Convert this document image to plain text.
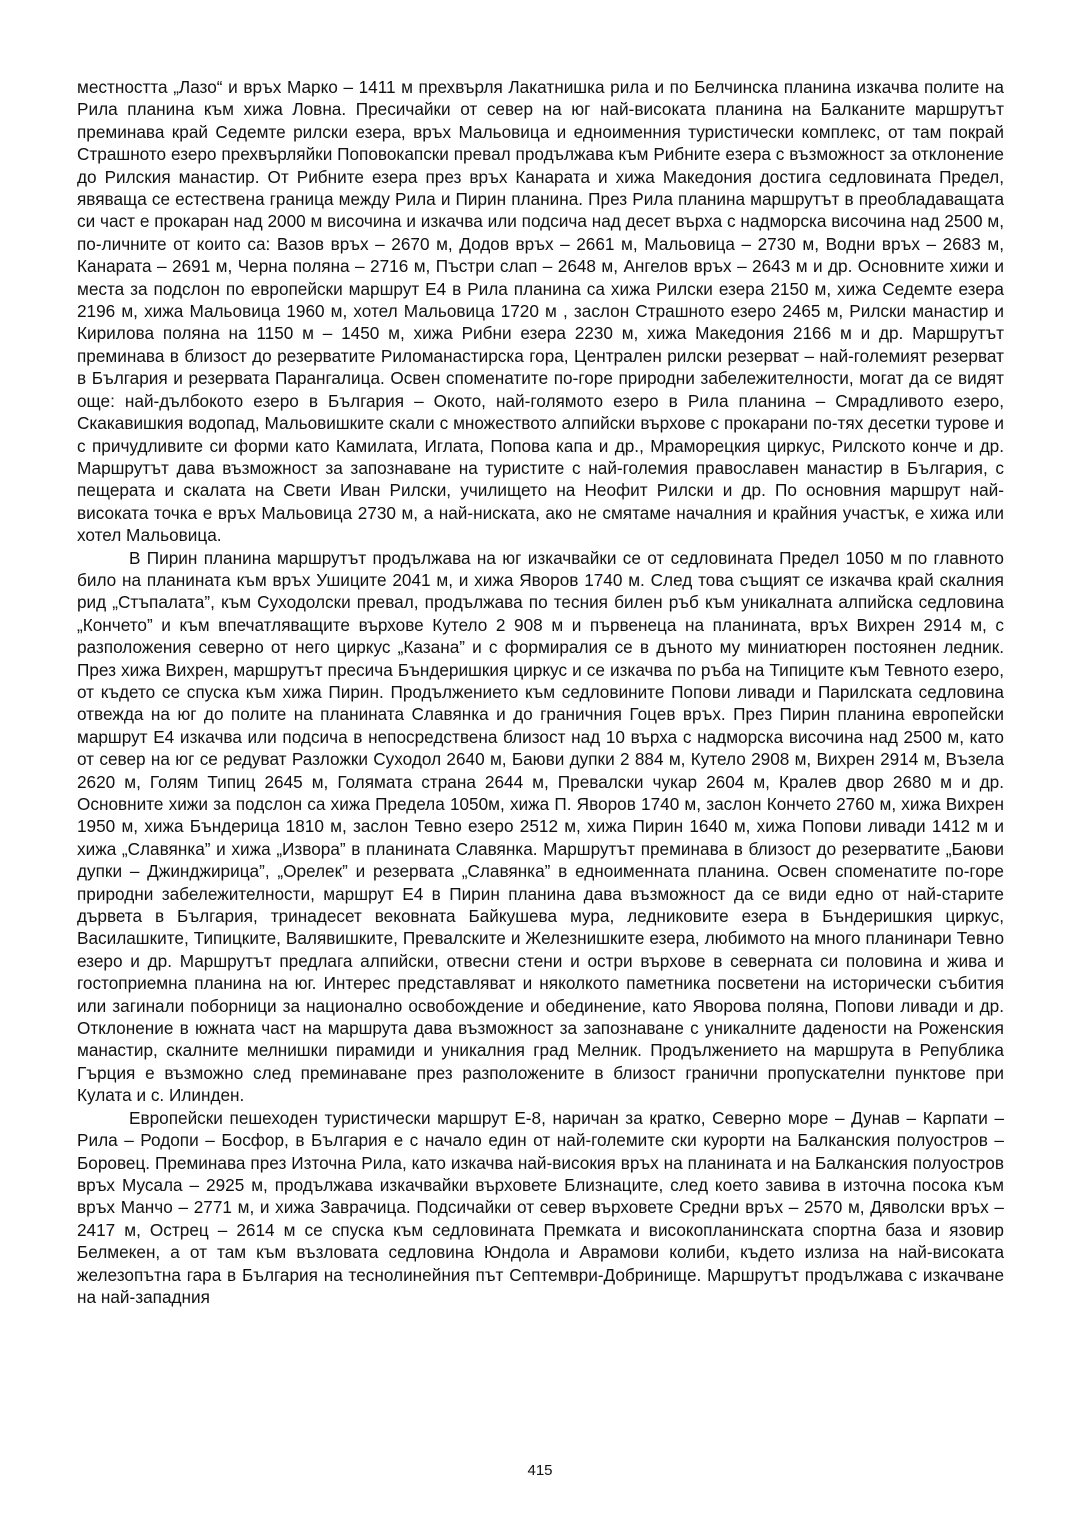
местността „Лазо“ и връх Марко – 1411 м прехвърля Лакатнишка рила и по Белчинска планина изкачва полите на Рила планина към хижа Ловна. Пресичайки от север на юг най-високата планина на Балканите маршрутът преминава край Седемте рилски езера, връх Мальовица и едноименния туристически комплекс, от там покрай Страшното езеро прехвърляйки Поповокапски превал продължава към Рибните езера с възможност за отклонение до Рилския манастир. От Рибните езера през връх Канарата и хижа Македония достига седловината Предел, явяваща се естествена граница между Рила и Пирин планина. През Рила планина маршрутът в преобладаващата си част е прокаран над 2000 м височина и изкачва или подсича над десет върха с надморска височина над 2500 м, по-личните от които са: Вазов връх – 2670 м, Додов връх – 2661 м, Мальовица – 2730 м, Водни връх – 2683 м, Канарата – 2691 м, Черна поляна – 2716 м, Пъстри слап – 2648 м, Ангелов връх – 2643 м и др. Основните хижи и места за подслон по европейски маршрут Е4 в Рила планина са хижа Рилски езера 2150 м, хижа Седемте езера 2196 м, хижа Мальовица 1960 м, хотел Мальовица 1720 м , заслон Страшното езеро 2465 м, Рилски манастир и Кирилова поляна на 1150 м – 1450 м, хижа Рибни езера 2230 м, хижа Македония 2166 м и др. Маршрутът преминава в близост до резерватите Риломанастирска гора, Централен рилски резерват – най-големият резерват в България и резервата Парангалица. Освен споменатите по-горе природни забележителности, могат да се видят още: най-дълбокото езеро в България – Окото, най-голямото езеро в Рила планина – Смрадливото езеро, Скакавишкия водопад, Мальовишките скали с множеството алпийски върхове с прокарани по-тях десетки турове и с причудливите си форми като Камилата, Иглата, Попова капа и др., Мраморецкия циркус, Рилското конче и др. Маршрутът дава възможност за запознаване на туристите с най-големия православен манастир в България, с пещерата и скалата на Свети Иван Рилски, училището на Неофит Рилски и др. По основния маршрут най-високата точка е връх Мальовица 2730 м, а най-ниската, ако не смятаме началния и крайния участък, е хижа или хотел Мальовица.

В Пирин планина маршрутът продължава на юг изкачвайки се от седловината Предел 1050 м по главното било на планината към връх Ушиците 2041 м, и хижа Яворов 1740 м. След това същият се изкачва край скалния рид „Стъпалата”, към Суходолски превал, продължава по тесния билен ръб към уникалната алпийска седловина „Кончето” и към впечатляващите върхове Кутело 2 908 м и първенеца на планината, връх Вихрен 2914 м, с разположения северно от него циркус „Казана” и с формиралия се в дъното му миниатюрен постоянен ледник. През хижа Вихрен, маршрутът пресича Бъндеришкия циркус и се изкачва по ръба на Типиците към Тевното езеро, от където се спуска към хижа Пирин. Продължението към седловините Попови ливади и Парилската седловина отвежда на юг до полите на планината Славянка и до граничния Гоцев връх. През Пирин планина европейски маршрут Е4 изкачва или подсича в непосредствена близост над 10 върха с надморска височина над 2500 м, като от север на юг се редуват Разложки Суходол 2640 м, Баюви дупки 2 884 м, Кутело 2908 м, Вихрен 2914 м, Възела 2620 м, Голям Типиц 2645 м, Голямата страна 2644 м, Превалски чукар 2604 м, Кралев двор 2680 м и др. Основните хижи за подслон са хижа Предела 1050м, хижа П. Яворов 1740 м, заслон Кончето 2760 м, хижа Вихрен 1950 м, хижа Бъндерица 1810 м, заслон Тевно езеро 2512 м, хижа Пирин 1640 м, хижа Попови ливади 1412 м и хижа „Славянка” и хижа „Извора” в планината Славянка. Маршрутът преминава в близост до резерватите „Баюви дупки – Джинджирица”, „Орелек” и резервата „Славянка” в едноименната планина. Освен споменатите по-горе природни забележителности, маршрут Е4 в Пирин планина дава възможност да се види едно от най-старите дървета в България, тринадесет вековната Байкушева мура, ледниковите езера в Бъндеришкия циркус, Василашките, Типицките, Валявишките, Превалските и Железнишките езера, любимото на много планинари Тевно езеро и др. Маршрутът предлага алпийски, отвесни стени и остри върхове в северната си половина и жива и гостоприемна планина на юг. Интерес представляват и няколкото паметника посветени на исторически събития или загинали поборници за национално освобождение и обединение, като Яворова поляна, Попови ливади и др. Отклонение в южната част на маршрута дава възможност за запознаване с уникалните дадености на Роженския манастир, скалните мелнишки пирамиди и уникалния град Мелник. Продължението на маршрута в Република Гърция е възможно след преминаване през разположените в близост гранични пропускателни пунктове при Кулата и с. Илинден.

Европейски пешеходен туристически маршрут Е-8, наричан за кратко, Северно море – Дунав – Карпати – Рила – Родопи – Босфор, в България е с начало един от най-големите ски курорти на Балканския полуостров – Боровец. Преминава през Източна Рила, като изкачва най-високия връх на планината и на Балканския полуостров връх Мусала – 2925 м, продължава изкачвайки върховете Близнаците, след което завива в източна посока към връх Манчо – 2771 м, и хижа Заврачица. Подсичайки от север върховете Средни връх – 2570 м, Дяволски връх – 2417 м, Острец – 2614 м се спуска към седловината Премката и високопланинската спортна база и язовир Белмекен, а от там към възловата седловина Юндола и Аврамови колиби, където излиза на най-високата железопътна гара в България на теснолинейния път Септември-Добринище. Маршрутът продължава с изкачване на най-западния

415
